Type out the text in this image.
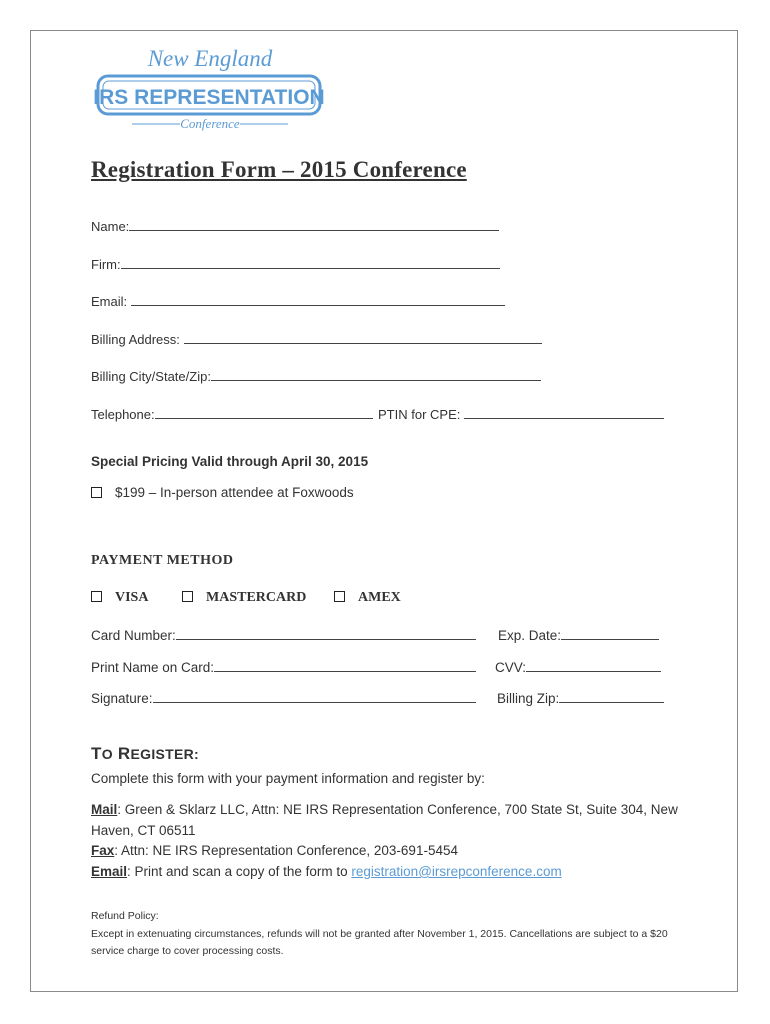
New England
IRS REPRESENTATION
Conference
Registration Form – 2015 Conference
Name:
Firm:
Email:
Billing Address:
Billing City/State/Zip:
Telephone:	PTIN for CPE:
Special Pricing Valid through April 30, 2015
$199 – In-person attendee at Foxwoods
PAYMENT METHOD
VISA	MASTERCARD	AMEX
Card Number:	Exp. Date:
Print Name on Card:	CVV:
Signature:	Billing Zip:
TO REGISTER:
Complete this form with your payment information and register by:
Mail: Green & Sklarz LLC, Attn: NE IRS Representation Conference, 700 State St, Suite 304, New Haven, CT 06511
Fax: Attn: NE IRS Representation Conference, 203-691-5454
Email: Print and scan a copy of the form to registration@irsrepconference.com
Refund Policy:
Except in extenuating circumstances, refunds will not be granted after November 1, 2015. Cancellations are subject to a $20 service charge to cover processing costs.
